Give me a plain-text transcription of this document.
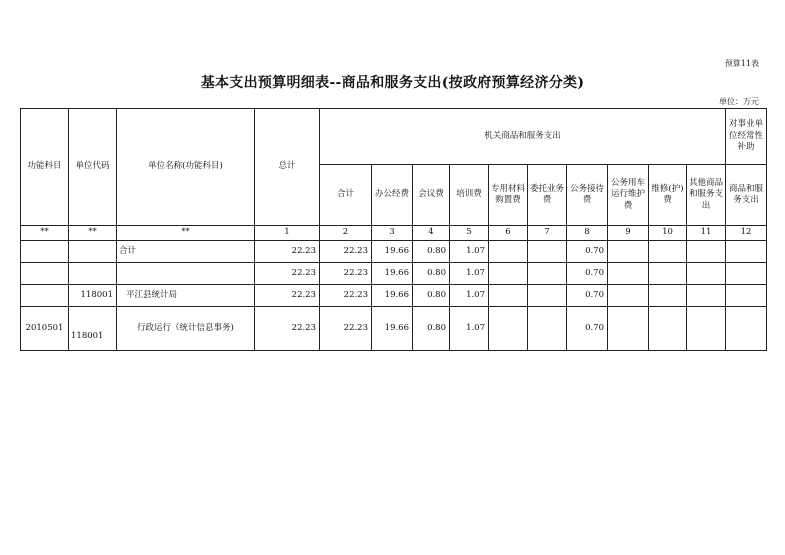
预算11表
基本支出预算明细表--商品和服务支出(按政府预算经济分类)
单位：万元
功能科目	单位代码	单位名称(功能科目)	总计	机关商品和服务支出										对事业单位经常性补助
				合计	办公经费	会议费	培训费	专用材料购置费	委托业务费	公务接待费	公务用车运行维护费	维修(护)费	其他商品和服务支出	商品和服务支出
**	**	**	1	2	3	4	5	6	7	8	9	10	11	12
		合计	22.23	22.23	19.66	0.80	1.07			0.70				
			22.23	22.23	19.66	0.80	1.07			0.70				
	118001	平江县统计局	22.23	22.23	19.66	0.80	1.07			0.70				
2010501	118001	行政运行（统计信息事务)	22.23	22.23	19.66	0.80	1.07			0.70				
